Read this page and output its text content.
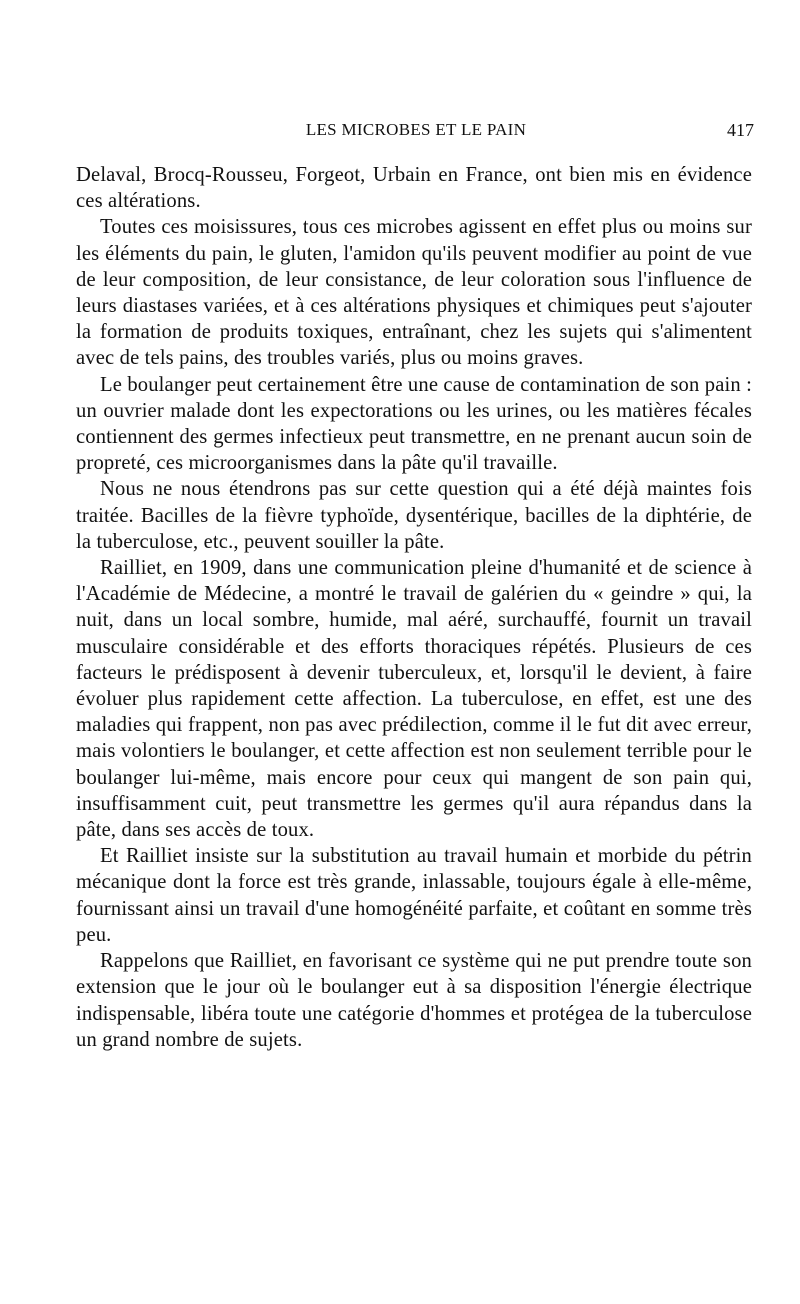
LES MICROBES ET LE PAIN	417

Delaval, Brocq-Rousseu, Forgeot, Urbain en France, ont bien mis en évidence ces altérations.

Toutes ces moisissures, tous ces microbes agissent en effet plus ou moins sur les éléments du pain, le gluten, l'amidon qu'ils peuvent modifier au point de vue de leur composition, de leur consistance, de leur coloration sous l'influence de leurs diastases variées, et à ces altérations physiques et chimiques peut s'ajouter la formation de produits toxiques, entraînant, chez les sujets qui s'alimentent avec de tels pains, des troubles variés, plus ou moins graves.

Le boulanger peut certainement être une cause de contamination de son pain : un ouvrier malade dont les expectorations ou les urines, ou les matières fécales contiennent des germes infectieux peut transmettre, en ne prenant aucun soin de propreté, ces microorganismes dans la pâte qu'il travaille.

Nous ne nous étendrons pas sur cette question qui a été déjà maintes fois traitée. Bacilles de la fièvre typhoïde, dysentérique, bacilles de la diphtérie, de la tuberculose, etc., peuvent souiller la pâte.

Railliet, en 1909, dans une communication pleine d'humanité et de science à l'Académie de Médecine, a montré le travail de galérien du « geindre » qui, la nuit, dans un local sombre, humide, mal aéré, surchauffé, fournit un travail musculaire considérable et des efforts thoraciques répétés. Plusieurs de ces facteurs le prédisposent à devenir tuberculeux, et, lorsqu'il le devient, à faire évoluer plus rapidement cette affection. La tuberculose, en effet, est une des maladies qui frappent, non pas avec prédilection, comme il le fut dit avec erreur, mais volontiers le boulanger, et cette affection est non seulement terrible pour le boulanger lui-même, mais encore pour ceux qui mangent de son pain qui, insuffisamment cuit, peut transmettre les germes qu'il aura répandus dans la pâte, dans ses accès de toux.

Et Railliet insiste sur la substitution au travail humain et morbide du pétrin mécanique dont la force est très grande, inlassable, toujours égale à elle-même, fournissant ainsi un travail d'une homogénéité parfaite, et coûtant en somme très peu.

Rappelons que Railliet, en favorisant ce système qui ne put prendre toute son extension que le jour où le boulanger eut à sa disposition l'énergie électrique indispensable, libéra toute une catégorie d'hommes et protégea de la tuberculose un grand nombre de sujets.
